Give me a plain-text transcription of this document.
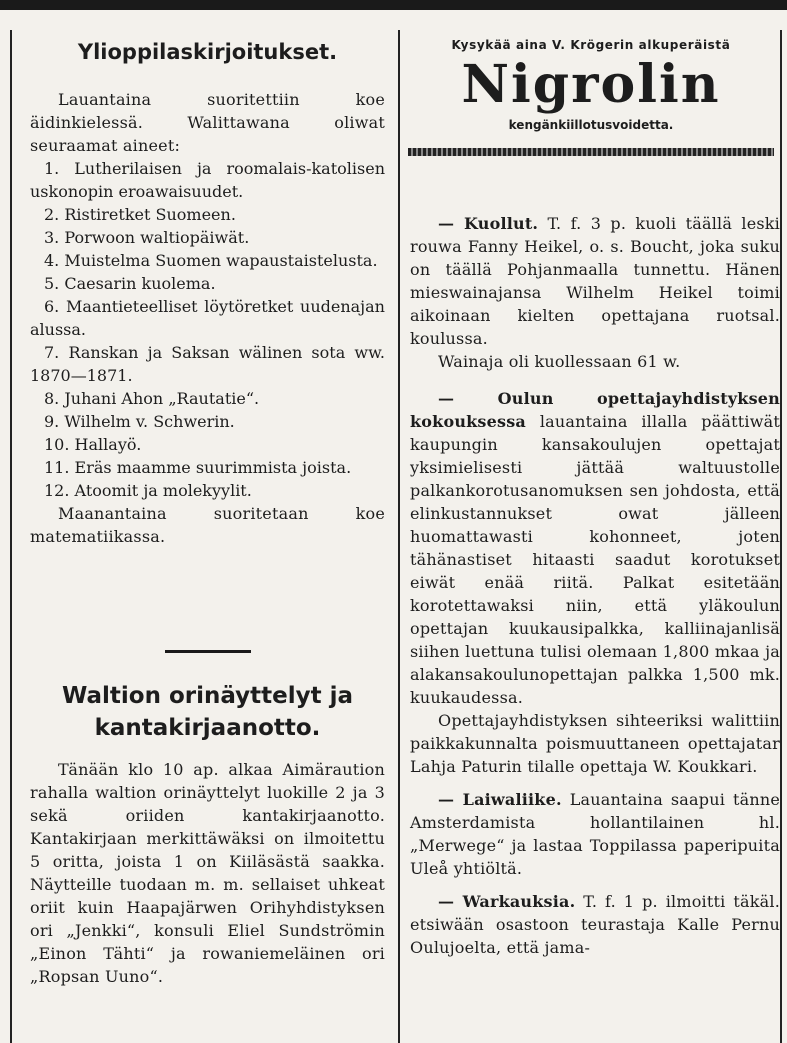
Ylioppilaskirjoitukset.

Lauantaina suoritettiin koe äidinkielessä. Walittawana oliwat seuraamat aineet:

1. Lutherilaisen ja roomalais-katolisen uskonopin eroawaisuudet.
2. Ristiretket Suomeen.
3. Porwoon waltiopäiwät.
4. Muistelma Suomen wapaustaistelusta.
5. Caesarin kuolema.
6. Maantieteelliset löytöretket uudenajan alussa.
7. Ranskan ja Saksan wälinen sota ww. 1870—1871.
8. Juhani Ahon „Rautatie“.
9. Wilhelm v. Schwerin.
10. Hallayö.
11. Eräs maamme suurimmista joista.
12. Atoomit ja molekyylit.

Maanantaina suoritetaan koe matematiikassa.

Waltion orinäyttelyt ja
kantakirjaanotto.

Tänään klo 10 ap. alkaa Aimäraution rahalla waltion orinäyttelyt luokille 2 ja 3 sekä oriiden kantakirjaanotto. Kantakirjaan merkittäwäksi on ilmoitettu 5 oritta, joista 1 on Kiiläsästä saakka. Näytteille tuodaan m. m. sellaiset uhkeat oriit kuin Haapajärwen Orihyhdistyksen ori „Jenkki“, konsuli Eliel Sundströmin „Einon Tähti“ ja rowaniemeläinen ori „Ropsan Uuno“.

Kysykää aina V. Krögerin alkuperäistä
Nigrolin
kengänkiillotusvoidetta.

— Kuollut. T. f. 3 p. kuoli täällä leski rouwa Fanny Heikel, o. s. Boucht, joka suku on täällä Pohjanmaalla tunnettu. Hänen mieswainajansa Wilhelm Heikel toimi aikoinaan kielten opettajana ruotsal. koulussa.

Wainaja oli kuollessaan 61 w.

— Oulun opettajayhdistyksen kokouksessa lauantaina illalla päättiwät kaupungin kansakoulujen opettajat yksimielisesti jättää waltuustolle palkankorotusanomuksen sen johdosta, että elinkustannukset owat jälleen huomattawasti kohonneet, joten tähänastiset hitaasti saadut korotukset eiwät enää riitä. Palkat esitetään korotettawaksi niin, että yläkoulun opettajan kuukausipalkka, kalliinajanlisä siihen luettuna tulisi olemaan 1,800 mkaa ja alakansakoulunopettajan palkka 1,500 mk. kuukaudessa.

Opettajayhdistyksen sihteeriksi walittiin paikkakunnalta poismuuttaneen opettajatar Lahja Paturin tilalle opettaja W. Koukkari.

— Laiwaliike. Lauantaina saapui tänne Amsterdamista hollantilainen hl. „Merwege“ ja lastaa Toppilassa paperipuita Uleå yhtiöltä.

— Warkauksia. T. f. 1 p. ilmoitti täkäl. etsiwään osastoon teurastaja Kalle Pernu Oulujoelta, että jama-
